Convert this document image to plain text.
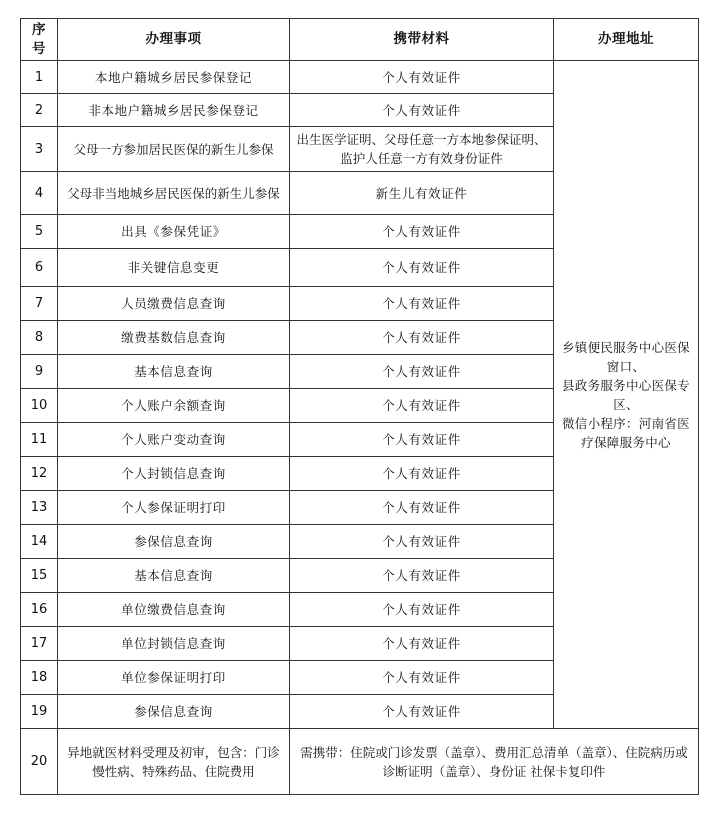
序号	办理事项	携带材料	办理地址
1	本地户籍城乡居民参保登记	个人有效证件	乡镇便民服务中心医保窗口、
县政务服务中心医保专区、
微信小程序：河南省医疗保障服务中心

2	非本地户籍城乡居民参保登记	个人有效证件	
3	父母一方参加居民医保的新生儿参保	出生医学证明、父母任意一方本地参保证明、监护人任意一方有效身份证件	
4	父母非当地城乡居民医保的新生儿参保	新生儿有效证件	
5	出具《参保凭证》	个人有效证件	
6	非关键信息变更	个人有效证件	
7	人员缴费信息查询	个人有效证件	
8	缴费基数信息查询	个人有效证件	
9	基本信息查询	个人有效证件	
10	个人账户余额查询	个人有效证件	
11	个人账户变动查询	个人有效证件	
12	个人封锁信息查询	个人有效证件	
13	个人参保证明打印	个人有效证件	
14	参保信息查询	个人有效证件	
15	基本信息查询	个人有效证件	
16	单位缴费信息查询	个人有效证件	
17	单位封锁信息查询	个人有效证件	
18	单位参保证明打印	个人有效证件	
19	参保信息查询	个人有效证件	
20	异地就医材料受理及初审，包含：门诊慢性病、特殊药品、住院费用	需携带：住院或门诊发票（盖章）、费用汇总清单（盖章）、住院病历或诊断证明（盖章）、身份证 社保卡复印件	
